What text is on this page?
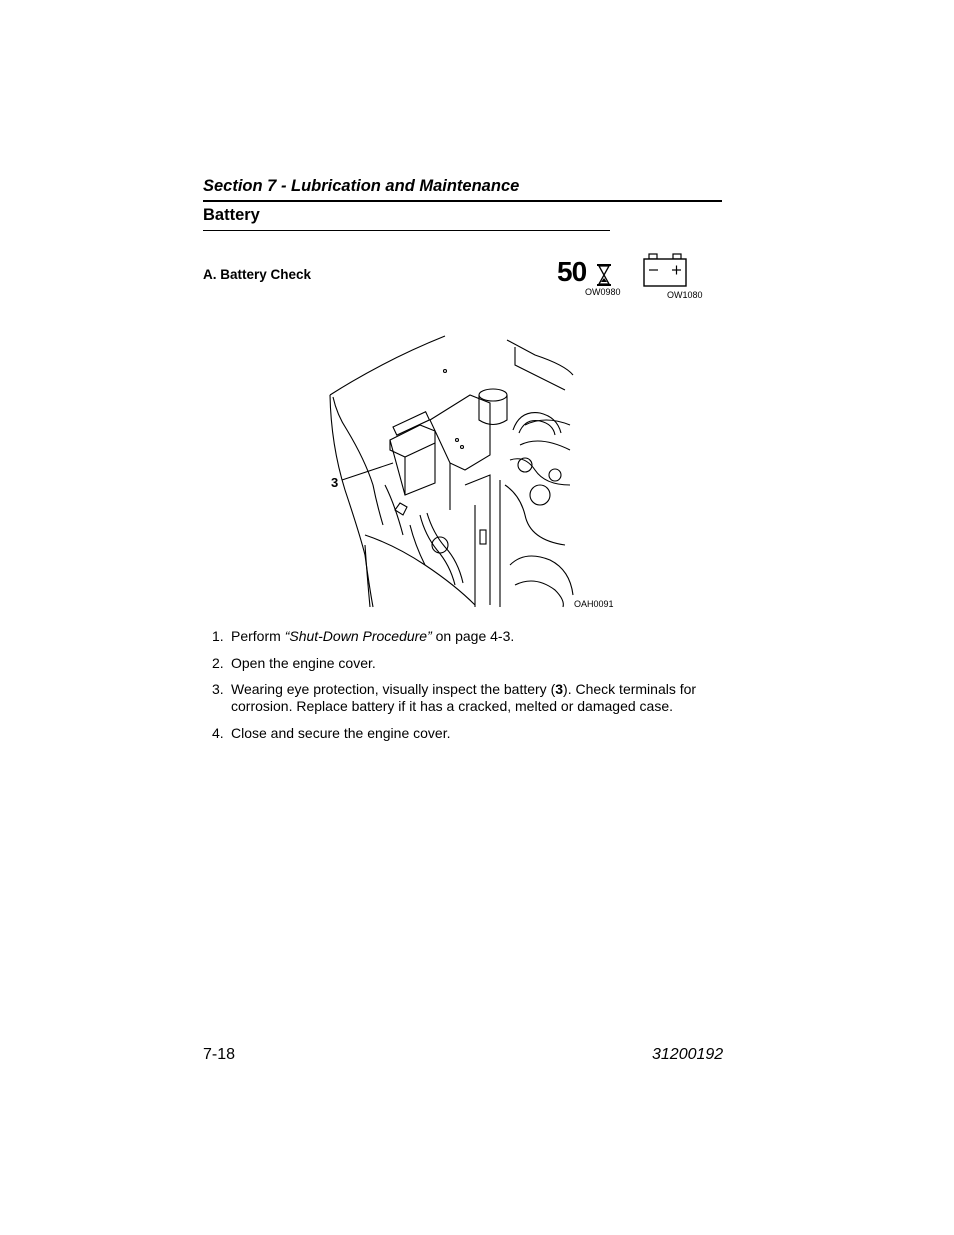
Section 7 - Lubrication and Maintenance
Battery
A. Battery Check	50
OW0980	OW1080
3
OAH0091
1. Perform “Shut-Down Procedure” on page 4-3.
2. Open the engine cover.
3. Wearing eye protection, visually inspect the battery (3). Check terminals for corrosion. Replace battery if it has a cracked, melted or damaged case.
4. Close and secure the engine cover.
7-18	31200192
